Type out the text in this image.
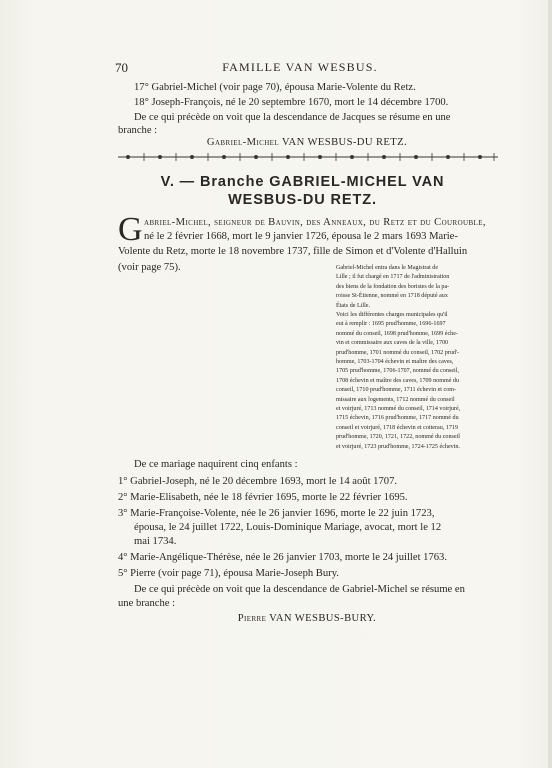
70	FAMILLE VAN WESBUS.
17° Gabriel-Michel (voir page 70), épousa Marie-Volente du Retz.
18° Joseph-François, né le 20 septembre 1670, mort le 14 décembre 1700.
De ce qui précède on voit que la descendance de Jacques se résume en une
branche :
Gabriel-Michel VAN WESBUS-DU RETZ.
V. — Branche GABRIEL-MICHEL VAN
WESBUS-DU RETZ.
G abriel-Michel, seigneur de Bauvin, des Anneaux, du Retz et du Courouble,
né le 2 février 1668, mort le 9 janvier 1726, épousa le 2 mars 1693 Marie-
Volente du Retz, morte le 18 novembre 1737, fille de Simon et d'Volente d'Halluin
(voir page 75).	Gabriel-Michel entra dans le Magistrat de
Lille ; il fut chargé en 1717 de l'administration
des biens de la fondation des boristes de la pa-
roisse St-Étienne, nommé en 1718 député aux
États de Lille.
Voici les différentes charges municipales qu'il
eut à remplir : 1695 prud'homme, 1696-1697
nommé du conseil, 1698 prud'homme, 1699 éche-
vin et commissaire aux caves de la ville, 1700
prud'homme, 1701 nommé du conseil, 1702 prud'-
homme, 1703-1704 échevin et maître des caves,
1705 prud'homme, 1706-1707, nommé du conseil,
1708 échevin et maître des caves, 1709 nommé du
conseil, 1710 prud'homme, 1711 échevin et com-
missaire aux logements, 1712 nommé du conseil
et voirjuré, 1713 nommé du conseil, 1714 voirjuré,
1715 échevin, 1716 prud'homme, 1717 nommé du
conseil et voirjuré, 1718 échevin et cotterau, 1719
prud'homme, 1720, 1721, 1722, nommé du conseil
et voirjuré, 1723 prud'homme, 1724-1725 échevin.
De ce mariage naquirent cinq enfants :
1° Gabriel-Joseph, né le 20 décembre 1693, mort le 14 août 1707.
2° Marie-Elisabeth, née le 18 février 1695, morte le 22 février 1695.
3° Marie-Françoise-Volente, née le 26 janvier 1696, morte le 22 juin 1723,
épousa, le 24 juillet 1722, Louis-Dominique Mariage, avocat, mort le 12
mai 1734.
4° Marie-Angélique-Thérèse, née le 26 janvier 1703, morte le 24 juillet 1763.
5° Pierre (voir page 71), épousa Marie-Joseph Bury.
De ce qui précède on voit que la descendance de Gabriel-Michel se résume en
une branche :
Pierre VAN WESBUS-BURY.
